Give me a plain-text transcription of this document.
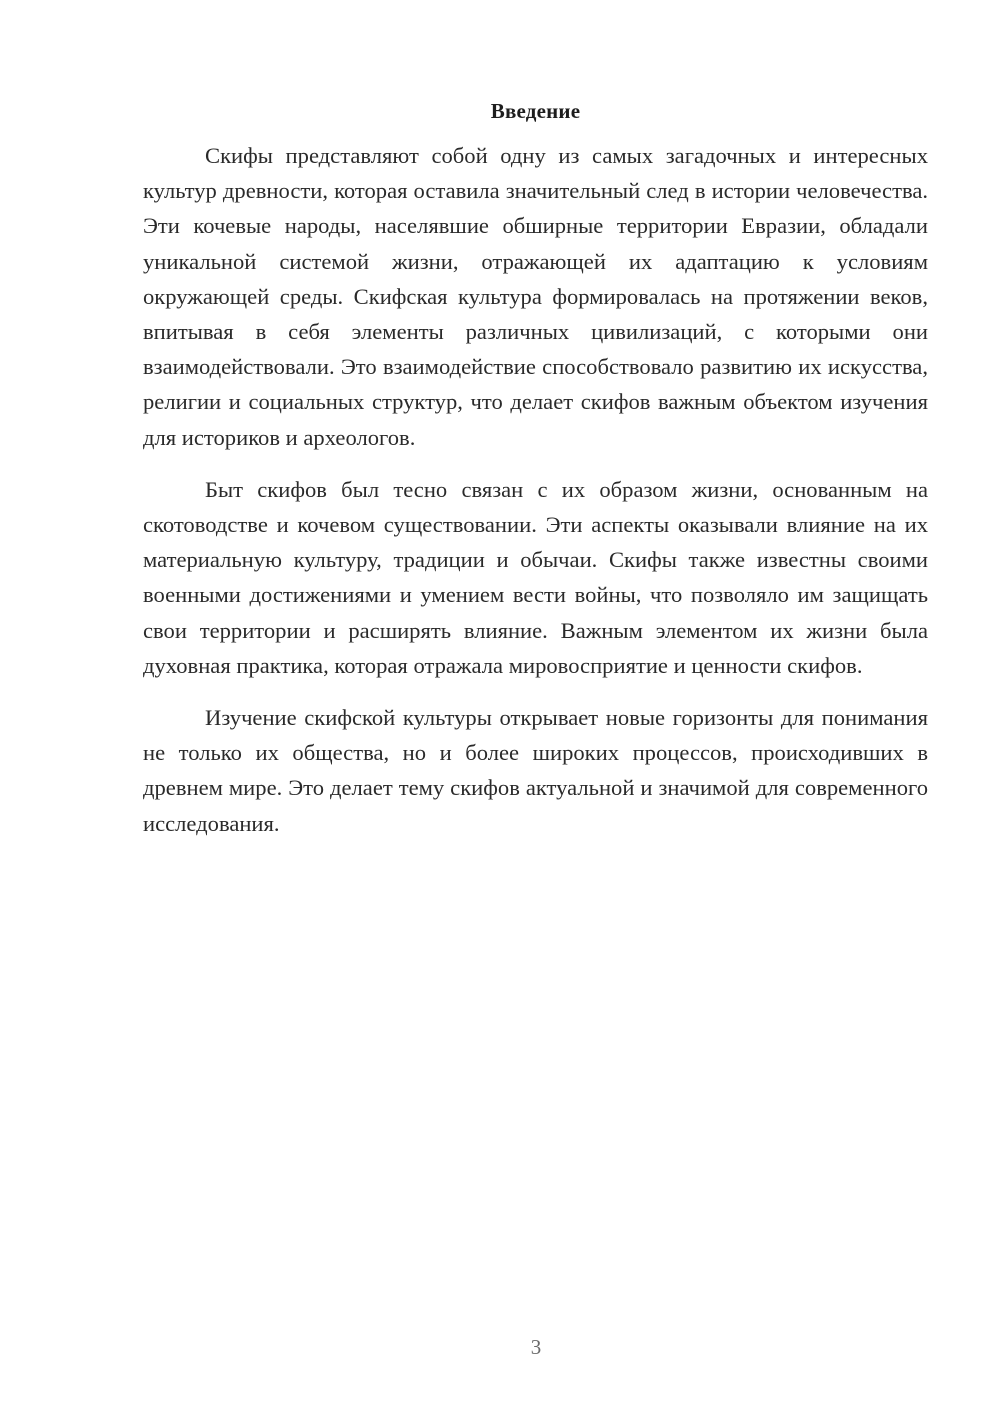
Введение

Скифы представляют собой одну из самых загадочных и интересных культур древности, которая оставила значительный след в истории человечества. Эти кочевые народы, населявшие обширные территории Евразии, обладали уникальной системой жизни, отражающей их адаптацию к условиям окружающей среды. Скифская культура формировалась на протяжении веков, впитывая в себя элементы различных цивилизаций, с которыми они взаимодействовали. Это взаимодействие способствовало развитию их искусства, религии и социальных структур, что делает скифов важным объектом изучения для историков и археологов.

Быт скифов был тесно связан с их образом жизни, основанным на скотоводстве и кочевом существовании. Эти аспекты оказывали влияние на их материальную культуру, традиции и обычаи. Скифы также известны своими военными достижениями и умением вести войны, что позволяло им защищать свои территории и расширять влияние. Важным элементом их жизни была духовная практика, которая отражала мировосприятие и ценности скифов.

Изучение скифской культуры открывает новые горизонты для понимания не только их общества, но и более широких процессов, происходивших в древнем мире. Это делает тему скифов актуальной и значимой для современного исследования.

3
